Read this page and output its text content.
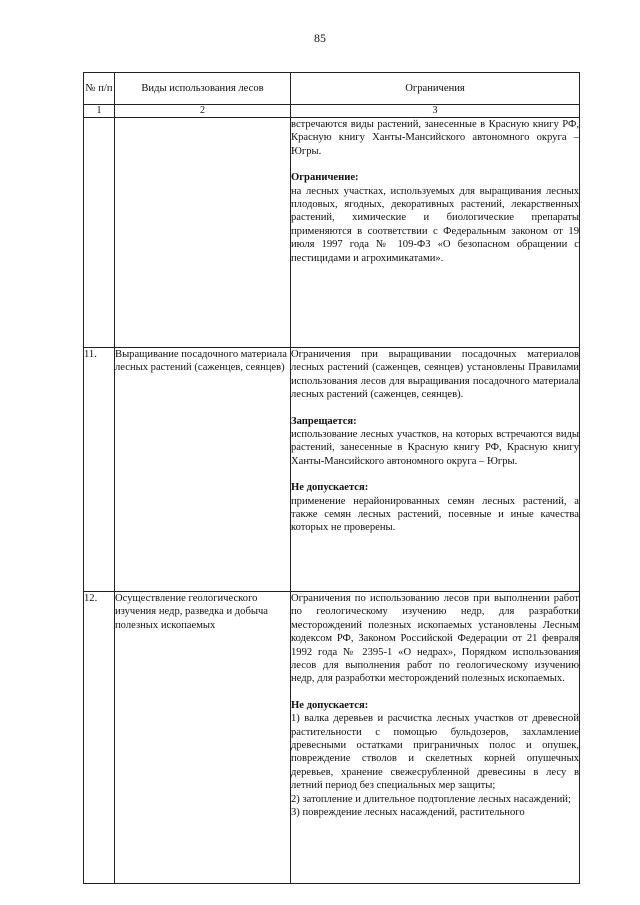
85
№ п/п	Виды использования лесов	Ограничения
1	2	3

		встречаются виды растений, занесенные в Красную книгу РФ, Красную книгу Ханты-Мансийского автономного округа – Югры.

Ограничение:

на лесных участках, используемых для выращивания лесных плодовых, ягодных, декоративных растений, лекарственных растений, химические и биологические препараты применяются в соответствии с Федеральным законом от 19 июля 1997 года № 109-ФЗ «О безопасном обращении с пестицидами и агрохимикатами».

11.	Выращивание посадочного материала лесных растений (саженцев, сеянцев)	Ограничения при выращивании посадочных материалов лесных растений (саженцев, сеянцев) установлены Правилами использования лесов для выращивания посадочного материала лесных растений (саженцев, сеянцев).

Запрещается:

использование лесных участков, на которых встречаются виды растений, занесенные в Красную книгу РФ, Красную книгу Ханты-Мансийского автономного округа – Югры.

Не допускается:

применение нерайонированных семян лесных растений, а также семян лесных растений, посевные и иные качества которых не проверены.

12.	Осуществление геологического изучения недр, разведка и добыча полезных ископаемых	Ограничения по использованию лесов при выполнении работ по геологическому изучению недр, для разработки месторождений полезных ископаемых установлены Лесным кодексом РФ, Законом Российской Федерации от 21 февраля 1992 года № 2395-1 «О недрах», Порядком использования лесов для выполнения работ по геологическому изучению недр, для разработки месторождений полезных ископаемых.

Не допускается:

1) валка деревьев и расчистка лесных участков от древесной растительности с помощью бульдозеров, захламление древесными остатками приграничных полос и опушек, повреждение стволов и скелетных корней опушечных деревьев, хранение свежесрубленной древесины в лесу в летний период без специальных мер защиты;

2) затопление и длительное подтопление лесных насаждений;

3) повреждение лесных насаждений, растительного
